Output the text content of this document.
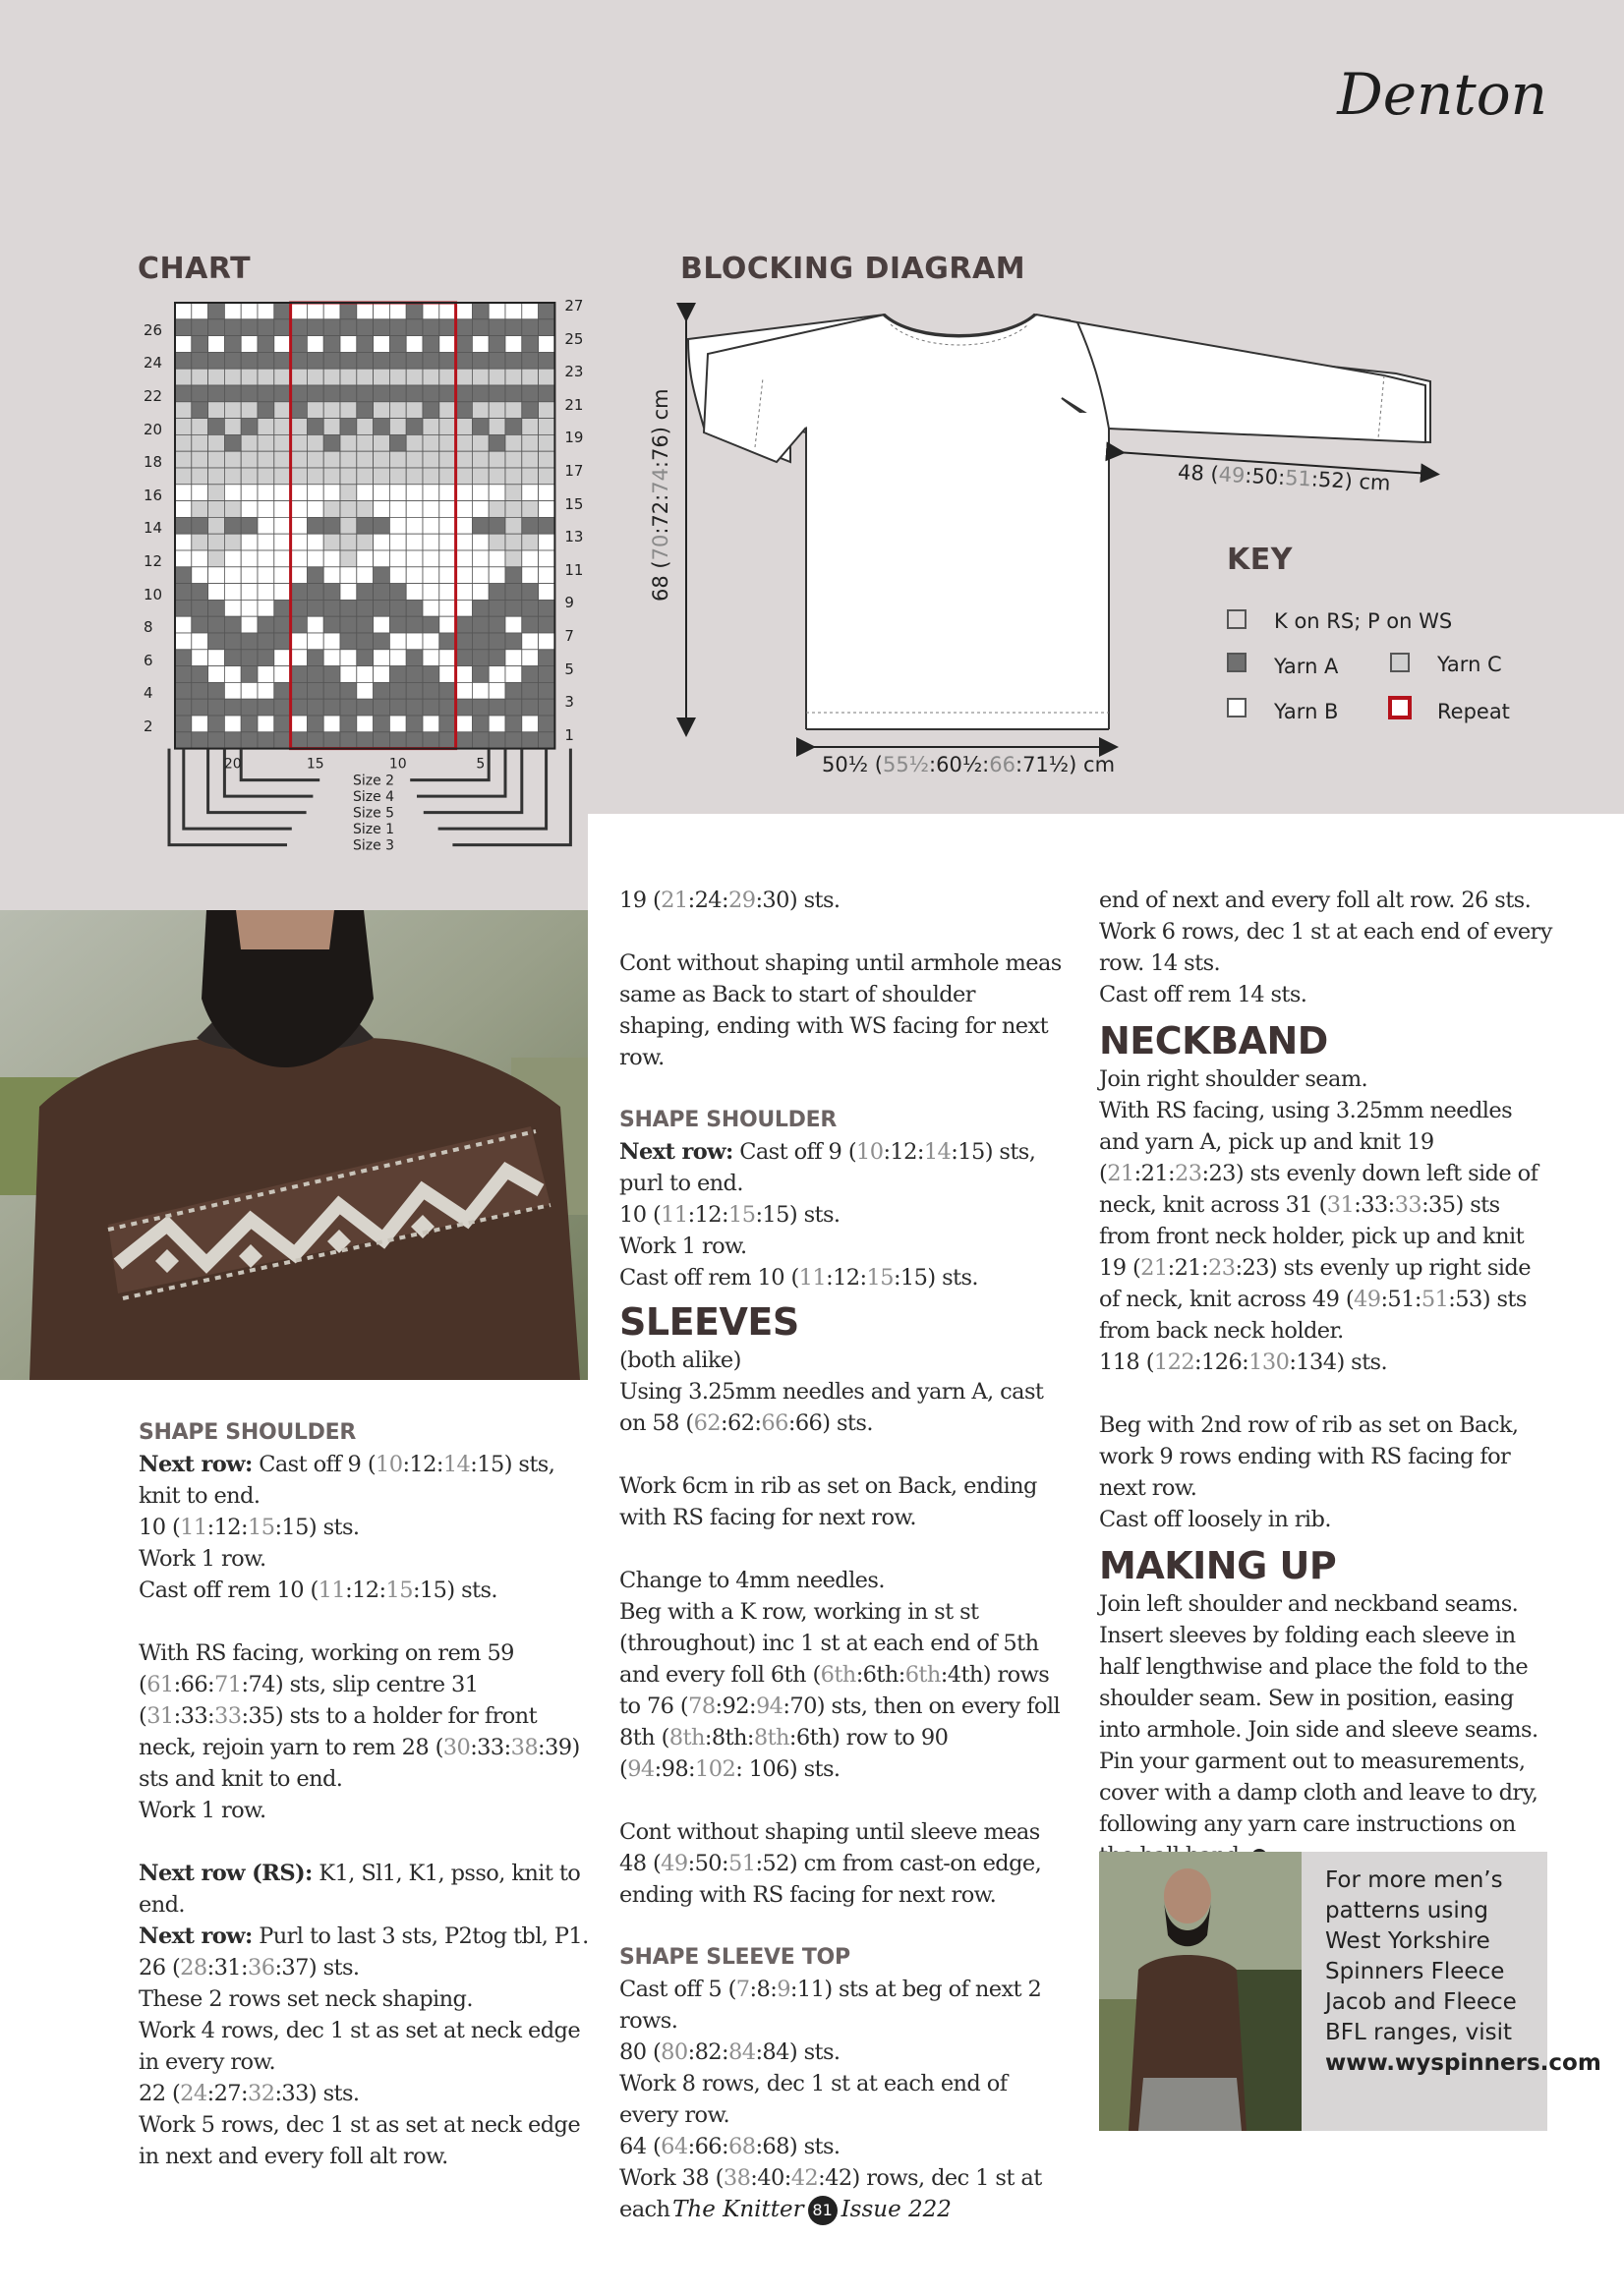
Denton
CHART
Size 2
Size 4
Size 5
Size 1
Size 3
20	15	10	5
BLOCKING DIAGRAM
68 (70:72:74:76) cm
48 (49:50:51:52) cm
50½ (55½:60½:66:71½) cm
KEY
K on RS; P on WS
Yarn A	Yarn C
Yarn B	Repeat

SHAPE SHOULDER

Next row: Cast off 9 (10:12:14:15) sts, knit to end.

10 (11:12:15:15) sts.

Work 1 row.

Cast off rem 10 (11:12:15:15) sts.

With RS facing, working on rem 59 (61:66:71:74) sts, slip centre 31 (31:33:33:35) sts to a holder for front neck, rejoin yarn to rem 28 (30:33:38:39) sts and knit to end.

Work 1 row.

Next row (RS): K1, Sl1, K1, psso, knit to end.

Next row: Purl to last 3 sts, P2tog tbl, P1.

26 (28:31:36:37) sts.

These 2 rows set neck shaping.

Work 4 rows, dec 1 st as set at neck edge in every row.

22 (24:27:32:33) sts.

Work 5 rows, dec 1 st as set at neck edge in next and every foll alt row.

19 (21:24:29:30) sts.

Cont without shaping until armhole meas same as Back to start of shoulder shaping, ending with WS facing for next row.

SHAPE SHOULDER

Next row: Cast off 9 (10:12:14:15) sts, purl to end.

10 (11:12:15:15) sts.

Work 1 row.

Cast off rem 10 (11:12:15:15) sts.

SLEEVES

(both alike)

Using 3.25mm needles and yarn A, cast on 58 (62:62:66:66) sts.

Work 6cm in rib as set on Back, ending with RS facing for next row.

Change to 4mm needles.

Beg with a K row, working in st st (throughout) inc 1 st at each end of 5th and every foll 6th (6th:6th:6th:4th) rows to 76 (78:92:94:70) sts, then on every foll 8th (8th:8th:8th:6th) row to 90 (94:98:102: 106) sts.

Cont without shaping until sleeve meas 48 (49:50:51:52) cm from cast-on edge, ending with RS facing for next row.

SHAPE SLEEVE TOP

Cast off 5 (7:8:9:11) sts at beg of next 2 rows.

80 (80:82:84:84) sts.

Work 8 rows, dec 1 st at each end of every row.

64 (64:66:68:68) sts.

Work 38 (38:40:42:42) rows, dec 1 st at each

end of next and every foll alt row. 26 sts.

Work 6 rows, dec 1 st at each end of every row. 14 sts.

Cast off rem 14 sts.

NECKBAND

Join right shoulder seam.

With RS facing, using 3.25mm needles and yarn A, pick up and knit 19 (21:21:23:23) sts evenly down left side of neck, knit across 31 (31:33:33:35) sts from front neck holder, pick up and knit 19 (21:21:23:23) sts evenly up right side of neck, knit across 49 (49:51:51:53) sts from back neck holder.

118 (122:126:130:134) sts.

Beg with 2nd row of rib as set on Back, work 9 rows ending with RS facing for next row.

Cast off loosely in rib.

MAKING UP

Join left shoulder and neckband seams.

Insert sleeves by folding each sleeve in half lengthwise and place the fold to the shoulder seam. Sew in position, easing into armhole. Join side and sleeve seams.

Pin your garment out to measurements, cover with a damp cloth and leave to dry, following any yarn care instructions on

For more men’s patterns using West Yorkshire Spinners Fleece Jacob and Fleece BFL ranges, visit www.wyspinners.com
The Knitter 81 Issue 222
26
24
22
20
18
16
14
12
10
8
6
4
2
27
25
23
21
19
17
15
13
11
9
7
5
3
1
